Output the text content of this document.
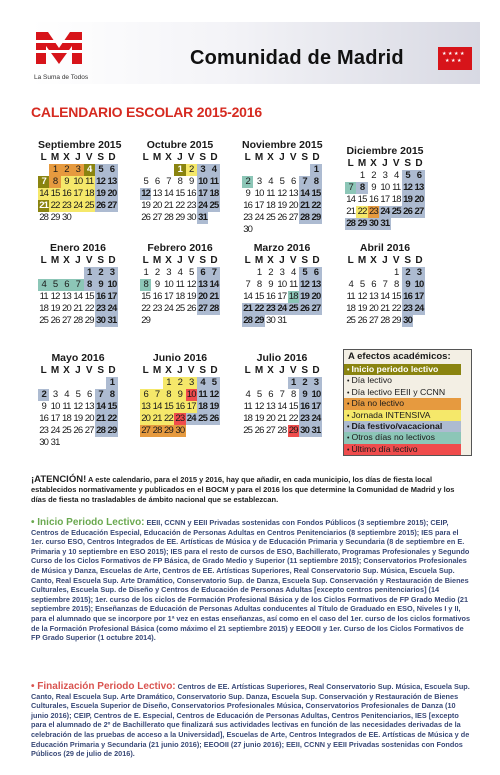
La Suma de Todos
Comunidad de Madrid	★ ★ ★ ★
★ ★ ★
CALENDARIO ESCOLAR 2015-2016
Septiembre 2015
L M X J V S D
1 2 3 4 5 6
7 8 9 10 11 12 13
14 15 16 17 18 19 20
21 22 23 24 25 26 27
28 29 30
Octubre 2015
L M X J V S D
1 2 3 4
5 6 7 8 9 10 11
12 13 14 15 16 17 18
19 20 21 22 23 24 25
26 27 28 29 30 31
Noviembre 2015
L M X J V S D
1
2 3 4 5 6 7 8
9 10 11 12 13 14 15
16 17 18 19 20 21 22
23 24 25 26 27 28 29
30
Diciembre 2015
L M X J V S D
1 2 3 4 5 6
7 8 9 10 11 12 13
14 15 16 17 18 19 20
21 22 23 24 25 26 27
28 29 30 31
Enero 2016
L M X J V S D
1 2 3
4 5 6 7 8 9 10
11 12 13 14 15 16 17
18 19 20 21 22 23 24
25 26 27 28 29 30 31
Febrero 2016
L M X J V S D
1 2 3 4 5 6 7
8 9 10 11 12 13 14
15 16 17 18 19 20 21
22 23 24 25 26 27 28
29
Marzo 2016
L M X J V S D
1 2 3 4 5 6
7 8 9 10 11 12 13
14 15 16 17 18 19 20
21 22 23 24 25 26 27
28 29 30 31
Abril 2016
L M X J V S D
1 2 3
4 5 6 7 8 9 10
11 12 13 14 15 16 17
18 19 20 21 22 23 24
25 26 27 28 29 30
Mayo 2016
L M X J V S D
1
2 3 4 5 6 7 8
9 10 11 12 13 14 15
16 17 18 19 20 21 22
23 24 25 26 27 28 29
30 31
Junio 2016
L M X J V S D
1 2 3 4 5
6 7 8 9 10 11 12
13 14 15 16 17 18 19
20 21 22 23 24 25 26
27 28 29 30
Julio 2016
L M X J V S D
1 2 3
4 5 6 7 8 9 10
11 12 13 14 15 16 17
18 19 20 21 22 23 24
25 26 27 28 29 30 31
A efectos académicos:
• Inicio periodo lectivo
• Día lectivo
• Día lectivo EEII y CCNN
• Día no lectivo
• Jornada INTENSIVA
• Día festivo/vacacional
• Otros días no lectivos
• Último día lectivo
¡ATENCIÓN! A este calendario, para el 2015 y 2016, hay que añadir, en cada municipio, los días de fiesta local establecidos normativamente y publicados en el BOCM y para el 2016 los que determine la Comunidad de Madrid y los días de fiesta no trasladables de ámbito nacional que se establezcan.
• Inicio Periodo Lectivo: EEII, CCNN y EEII Privadas sostenidas con Fondos Públicos (3 septiembre 2015); CEIP, Centros de Educación Especial, Educación de Personas Adultas en Centros Penitenciarios (8 septiembre 2015); IES para el 1er. curso ESO, Centros Integrados de EE. Artísticas de Música y de Educación Primaria y Secundaria (8 de septiembre en E. Primaria y 10 septiembre en ESO 2015); IES para el resto de cursos de ESO, Bachillerato, Programas Profesionales y Segundo Curso de los Ciclos Formativos de FP Básica, de Grado Medio y Superior (11 septiembre 2015); Conservatorios Profesionales de Música y Danza, Escuelas de Arte, Centros de EE. Artísticas Superiores, Real Conservatorio Sup. Música, Escuela Sup. Canto, Real Escuela Sup. Arte Dramático, Conservatorio Sup. de Danza, Escuela Sup. Conservación y Restauración de Bienes Culturales, Escuela Sup. de Diseño y Centros de Educación de Personas Adultas [excepto centros penitenciarios] (14 septiembre 2015); 1er. curso de los ciclos de Formación Profesional Básica y de los Ciclos Formativos de FP Grado Medio (21 septiembre 2015); Enseñanzas de Educación de Personas Adultas conducentes al Título de Graduado en ESO, Niveles I y II, para el alumnado que se incorpore por 1ª vez en estas enseñanzas, así como en el caso del 1er. curso de los ciclos formativos de la Formación Profesional Básica (como máximo el 21 septiembre 2015) y EEOOII y 1er. Curso de los Ciclos Formativos de FP Grado Superior (1 octubre 2014).
• Finalización Periodo Lectivo: Centros de EE. Artísticas Superiores, Real Conservatorio Sup. Música, Escuela Sup. Canto, Real Escuela Sup. Arte Dramático, Conservatorio Sup. Danza, Escuela Sup. Conservación y Restauración de Bienes Culturales, Escuela Superior de Diseño, Conservatorios Profesionales Música, Conservatorios Profesionales de Danza (10 junio 2016); CEIP, Centros de E. Especial, Centros de Educación de Personas Adultas, Centros Penitenciarios, IES [excepto para el alumnado de 2º de Bachillerato que finalizará sus actividades lectivas en función de las necesidades derivadas de la celebración de las pruebas de acceso a la Universidad], Escuelas de Arte, Centros Integrados de EE. Artísticas de Música y de Educación Primaria y Secundaria (21 junio 2016); EEOOII (27 junio 2016); EEII, CCNN y EEII Privadas sostenidas con Fondos Públicos (29 de julio de 2016).
